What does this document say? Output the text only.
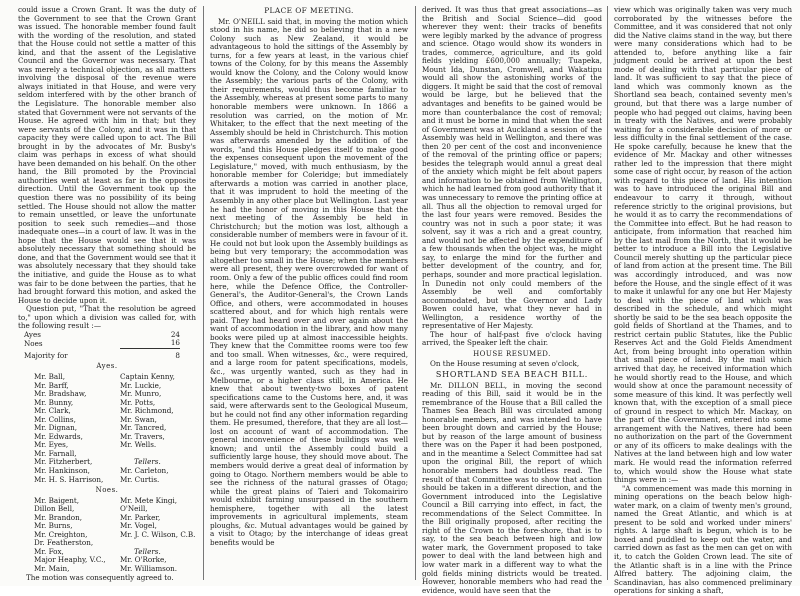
could issue a Crown Grant. It was the duty of the Government to see that the Crown Grant was issued. The honorable member found fault with the wording of the resolution, and stated that the House could not settle a matter of this kind, and that the assent of the Legislative Council and the Governor was necessary. That was merely a technical objection, as all matters involving the disposal of the revenue were always initiated in that House, and were very seldom interfered with by the other branch of the Legislature. The honorable member also stated that Government were not servants of the House. He agreed with him in that; but they were servants of the Colony, and it was in that capacity they were called upon to act. The Bill brought in by the advocates of Mr. Busby's claim was perhaps in excess of what should have been demanded on his behalf. On the other hand, the Bill promoted by the Provincial authorities went at least as far in the opposite direction. Until the Government took up the question there was no possibility of its being settled. The House should not allow the matter to remain unsettled, or leave the unfortunate position to seek such remedies—and those inadequate ones—in a court of law. It was in the hope that the House would see that it was absolutely necessary that something should be done, and that the Government would see that it was absolutely necessary that they should take the initiative, and guide the House as to what was fair to be done between the parties, that he had brought forward this motion, and asked the House to decide upon it.

Question put, "That the resolution be agreed to," upon which a division was called for, with the following result :—

Ayes	24
Noes	16
Majority for	8
Ayes.
Mr. Ball,
Mr. Barff,
Mr. Bradshaw,
Mr. Bunny,
Mr. Clark,
Mr. Collins,
Mr. Dignan,
Mr. Edwards,
Mr. Eyes,
Mr. Farnall,
Mr. Fitzherbert,
Mr. Hankinson,
Mr. H. S. Harrison,
Captain Kenny,
Mr. Luckie,
Mr. Munro,
Mr. Potts,
Mr. Richmond,
Mr. Swan,
Mr. Tancred,
Mr. Travers,
Mr. Wells.

Tellers.
Mr. Carleton,
Mr. Curtis.
Noes.
Mr. Baigent,
Dillon Bell,
Mr. Brandon,
Mr. Burns,
Mr. Creighton,
Dr. Featherston,
Mr. Fox,
Major Heaphy, V.C.,
Mr. Main,
Mr. Mete Kingi,
O'Neill,
Mr. Parker,
Mr. Vogel,
Mr. J. C. Wilson, C.B.

Tellers.
Mr. O'Rorke,
Mr. Williamson.

The motion was consequently agreed to.

PLACE OF MEETING.

Mr. O'NEILL said that, in moving the motion which stood in his name, he did so believing that in a new Colony such as New Zealand, it would be advantageous to hold the sittings of the Assembly by turns, for a few years at least, in the various chief towns of the Colony, for by this means the Assembly would know the Colony, and the Colony would know the Assembly; the various parts of the Colony, with their requirements, would thus become familiar to the Assembly, whereas at present some parts to many honorable members were unknown. In 1866 a resolution was carried, on the motion of Mr. Whitaker, to the effect that the next meeting of the Assembly should be held in Christchurch. This motion was afterwards amended by the addition of the words, "and this House pledges itself to make good the expenses consequent upon the movement of the Legislature," moved, with much enthusiasm, by the honorable member for Coleridge; but immediately afterwards a motion was carried in another place, that it was imprudent to hold the meeting of the Assembly in any other place but Wellington. Last year he had the honor of moving in this House that the next meeting of the Assembly be held in Christchurch; but the motion was lost, although a considerable number of members were in favour of it. He could not but look upon the Assembly buildings as being but very temporary; the accommodation was altogether too small in the House; when the members were all present, they were overcrowded for want of room. Only a few of the public offices could find room here, while the Defence Office, the Controller-General's, the Auditor-General's, the Crown Lands Office, and others, were accommodated in houses scattered about, and for which high rentals were paid. They had heard over and over again about the want of accommodation in the library, and how many books were piled up at almost inaccessible heights. They knew that the Committee rooms were too few and too small. When witnesses, &c., were required, and a large room for patent specifications, models, &c., was urgently wanted, such as they had in Melbourne, or a higher class still, in America. He knew that about twenty-two boxes of patent specifications came to the Customs here, and, it was said, were afterwards sent to the Geological Museum, but he could not find any other information regarding them. He presumed, therefore, that they are all lost—lost on account of want of accommodation. The general inconvenience of these buildings was well known; and until the Assembly could build a sufficiently large house, they should move about. The members would derive a great deal of information by going to Otago. Northern members would be able to see the richness of the natural grasses of Otago; while the great plains of Taieri and Tokomairiro would exhibit farming unsurpassed in the southern hemisphere, together with all the latest improvements in agricultural implements, steam ploughs, &c. Mutual advantages would be gained by a visit to Otago; by the interchange of ideas great benefits would be

derived. It was thus that great associations—as the British and Social Science—did good wherever they went: their tracks of benefits were legibly marked by the advance of progress and science. Otago would show its wonders in trades, commerce, agriculture, and its gold fields yielding £600,000 annually; Tuapeka, Mount Ida, Dunstan, Cromwell, and Wakatipu would all show the astonishing works of the diggers. It might be said that the cost of removal would be large, but he believed that the advantages and benefits to be gained would be more than counterbalance the cost of removal; and it must be borne in mind that when the seat of Government was at Auckland a session of the Assembly was held in Wellington, and there was then 20 per cent of the cost and inconvenience of the removal of the printing office or papers; besides the telegraph would annul a great deal of the anxiety which might be felt about papers and information to be obtained from Wellington, which he had learned from good authority that it was unnecessary to remove the printing office at all. Thus all the objection to removal urged for the last four years were removed. Besides the country was not in such a poor state; it was solvent, say it was a rich and a great country, and would not be affected by the expenditure of a few thousands when the object was, he might say, to enlarge the mind for the further and better development of the country, and for, perhaps, sounder and more practical legislation. In Dunedin not only could members of the Assembly be well and comfortably accommodated, but the Governor and Lady Bowen could have, what they never had in Wellington, a residence worthy of the representative of Her Majesty.

The hour of half-past five o'clock having arrived, the Speaker left the chair.

HOUSE RESUMED.

On the House resuming at seven o'clock,

SHORTLAND SEA BEACH BILL.

Mr. DILLON BELL, in moving the second reading of this Bill, said it would be in the remembrance of the House that a Bill called the Thames Sea Beach Bill was circulated among honorable members, and was intended to have been brought down and carried by the House; but by reason of the large amount of business there was on the Paper it had been postponed, and in the meantime a Select Committee had sat upon the original Bill, the report of which honorable members had doubtless read. The result of that Committee was to show that action should be taken in a different direction, and the Government introduced into the Legislative Council a Bill carrying into effect, in fact, the recommendations of the Select Committee. In the Bill originally proposed, after reciting the right of the Crown to the fore-shore, that is to say, to the sea beach between high and low water mark, the Government proposed to take power to deal with the land between high and low water mark in a different way to what the gold fields mining districts would be treated. However, honorable members who had read the evidence, would have seen that the

view which was originally taken was very much corroborated by the witnesses before the Committee, and it was considered that not only did the Native claims stand in the way, but there were many considerations which had to be attended to, before anything like a fair judgment could be arrived at upon the best mode of dealing with that particular piece of land. It was sufficient to say that the piece of land which was commonly known as the Shortland sea beach, contained seventy men's ground, but that there was a large number of people who had pegged out claims, having been in treaty with the Natives, and were probably waiting for a considerable decision of more or less difficulty in the final settlement of the case. He spoke carefully, because he knew that the evidence of Mr. Mackay and other witnesses rather led to the impression that there might some case of right occur, by reason of the action with regard to this piece of land. His intention was to have introduced the original Bill and endeavour to carry it through, without reference strictly to the original provisions, but he would it as to carry the recommendations of the Committee into effect. But he had reason to anticipate, from information that reached him by the last mail from the North, that it would be better to introduce a Bill into the Legislative Council merely shutting up the particular piece of land from action at the present time. The Bill was accordingly introduced, and was now before the House, and the single effect of it was to make it unlawful for any one but Her Majesty to deal with the piece of land which was described in the schedule, and which might shortly be said to be the sea beach opposite the gold fields of Shortland at the Thames, and to restrict certain public Statutes, like the Public Reserves Act and the Gold Fields Amendment Act, from being brought into operation within that small piece of land. By the mail which arrived that day, he received information which he would shortly read to the House, and which would show at once the paramount necessity of some measure of this kind. It was perfectly well known that, with the exception of a small piece of ground in respect to which Mr. Mackay, on the part of the Government, entered into some arrangement with the Natives, there had been no authorization on the part of the Government or any of its officers to make dealings with the Natives at the land between high and low water mark. He would read the information referred to, which would show the House what state things were in :—

"A commencement was made this morning in mining operations on the beach below high-water mark, on a claim of twenty men's ground, named the Great Atlantic, and which is at present to be sold and worked under miners' rights. A large shaft is begun, which is to be boxed and puddled to keep out the water, and carried down as fast as the men can get on with it, to catch the Golden Crown lead. The site of the Atlantic shaft is in a line with the Prince Alfred battery. The adjoining claim, the Scandinavian, has also commenced preliminary operations for sinking a shaft,
